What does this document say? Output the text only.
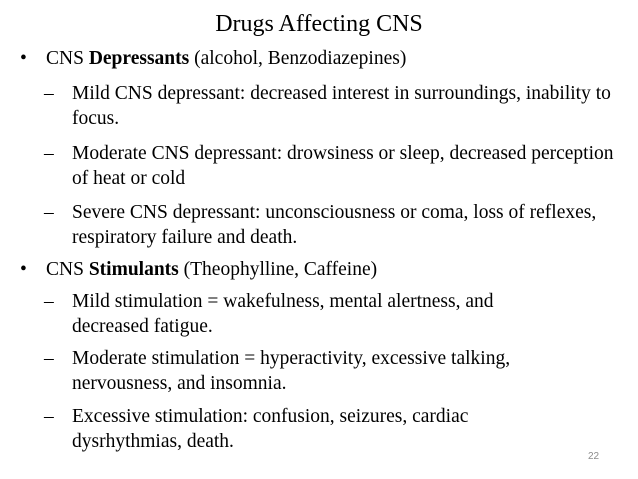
Drugs Affecting CNS
• CNS Depressants (alcohol, Benzodiazepines)
– Mild CNS depressant: decreased interest in surroundings, inability to focus.
– Moderate CNS depressant: drowsiness or sleep, decreased perception of heat or cold
– Severe CNS depressant: unconsciousness or coma, loss of reflexes, respiratory failure and death.
• CNS Stimulants (Theophylline, Caffeine)
– Mild stimulation = wakefulness, mental alertness, and decreased fatigue.
– Moderate stimulation = hyperactivity, excessive talking, nervousness, and insomnia.
– Excessive stimulation: confusion, seizures, cardiac dysrhythmias, death.
22
